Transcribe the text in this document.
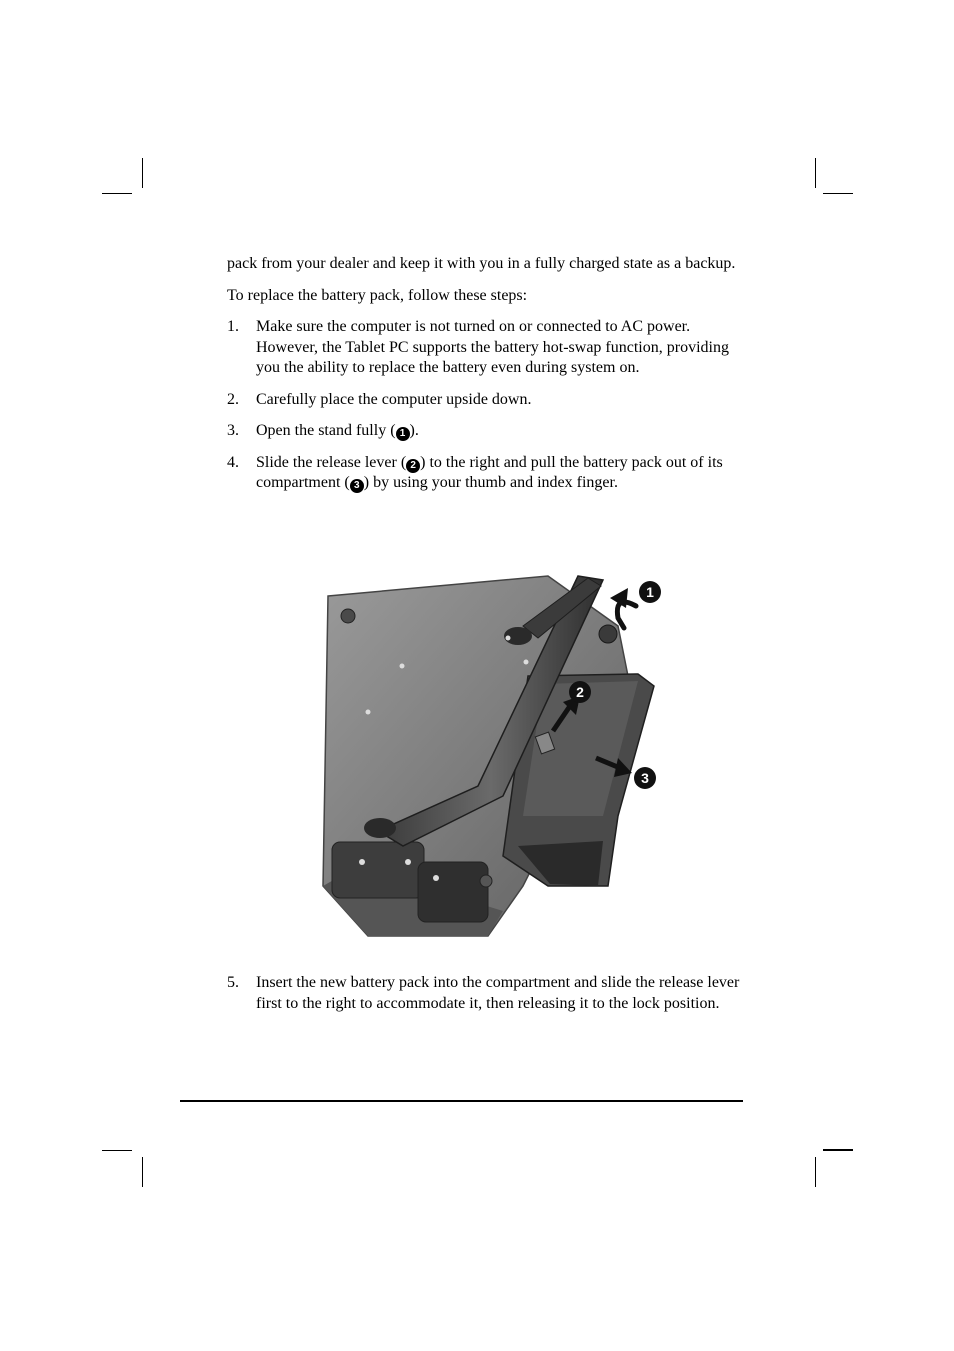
pack from your dealer and keep it with you in a fully charged state as a backup.

To replace the battery pack, follow these steps:

1. Make sure the computer is not turned on or connected to AC power. However, the Tablet PC supports the battery hot-swap function, providing you the ability to replace the battery even during system on.
2. Carefully place the computer upside down.
3. Open the stand fully ( 1 ).
4. Slide the release lever ( 2 ) to the right and pull the battery pack out of its compartment ( 3 ) by using your thumb and index finger.
1
2
3
5. Insert the new battery pack into the compartment and slide the release lever first to the right to accommodate it, then releasing it to the lock position.
